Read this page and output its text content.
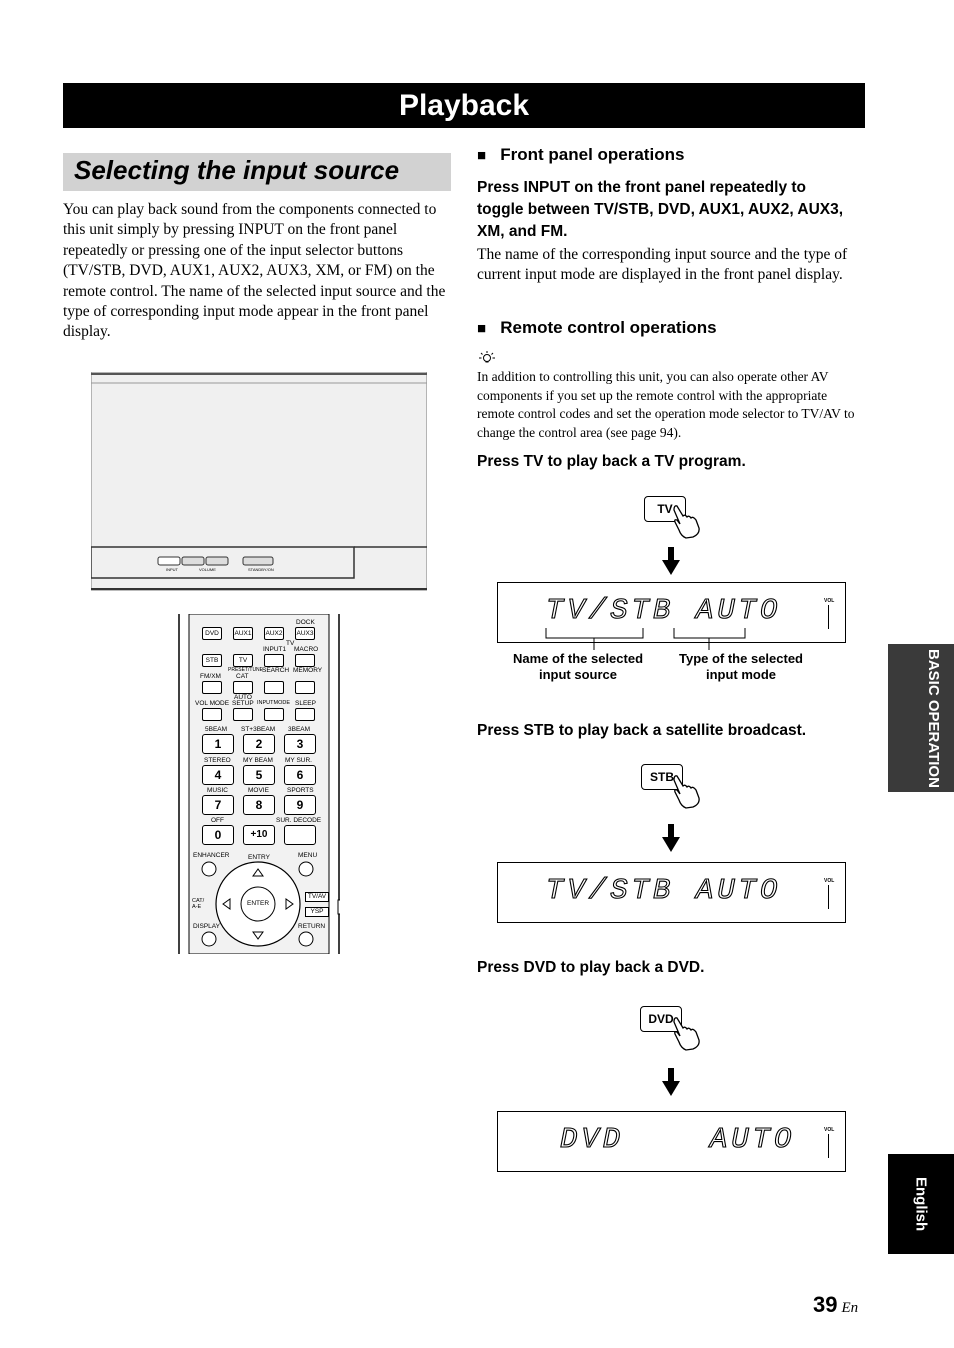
Playback
Selecting the input source
You can play back sound from the components connected to this unit simply by pressing INPUT on the front panel repeatedly or pressing one of the input selector buttons (TV/STB, DVD, AUX1, AUX2, AUX3, XM, or FM) on the remote control. The name of the selected input source and the type of corresponding input mode appear in the front panel display.
INPUT	VOLUME	STANDBY/ON
DOCK
DVD	AUX1 AUX2 AUX3
TV
INPUT1 MACRO
STB	TV
PRESET/TUNE
FM/XM CAT
SEARCH MEMORY
AUTO
VOL MODE SETUP INPUTMODE SLEEP
5BEAM ST+3BEAM 3BEAM
1	2	3
STEREO MY BEAM MY SUR.
4	5	6
MUSIC	MOVIE	SPORTS
7	8	9
OFF	SUR. DECODE
0	+10
ENHANCER	ENTRY	MENU
CAT/ A-E	ENTER
TV/AV
YSP
DISPLAY	RETURN
■ Front panel operations
Press INPUT on the front panel repeatedly to toggle between TV/STB, DVD, AUX1, AUX2, AUX3, XM, and FM.
The name of the corresponding input source and the type of current input mode are displayed in the front panel display.
■ Remote control operations
In addition to controlling this unit, you can also operate other AV components if you set up the remote control with the appropriate remote control codes and set the operation mode selector to TV/AV to change the control area (see page 94).
Press TV to play back a TV program.
TV
TV/STB AUTO	VOL
Name of the selected input source
Type of the selected input mode
Press STB to play back a satellite broadcast.
STB
TV/STB AUTO	VOL
Press DVD to play back a DVD.
DVD
DVD    AUTO	VOL
BASIC OPERATION
English
39 En
